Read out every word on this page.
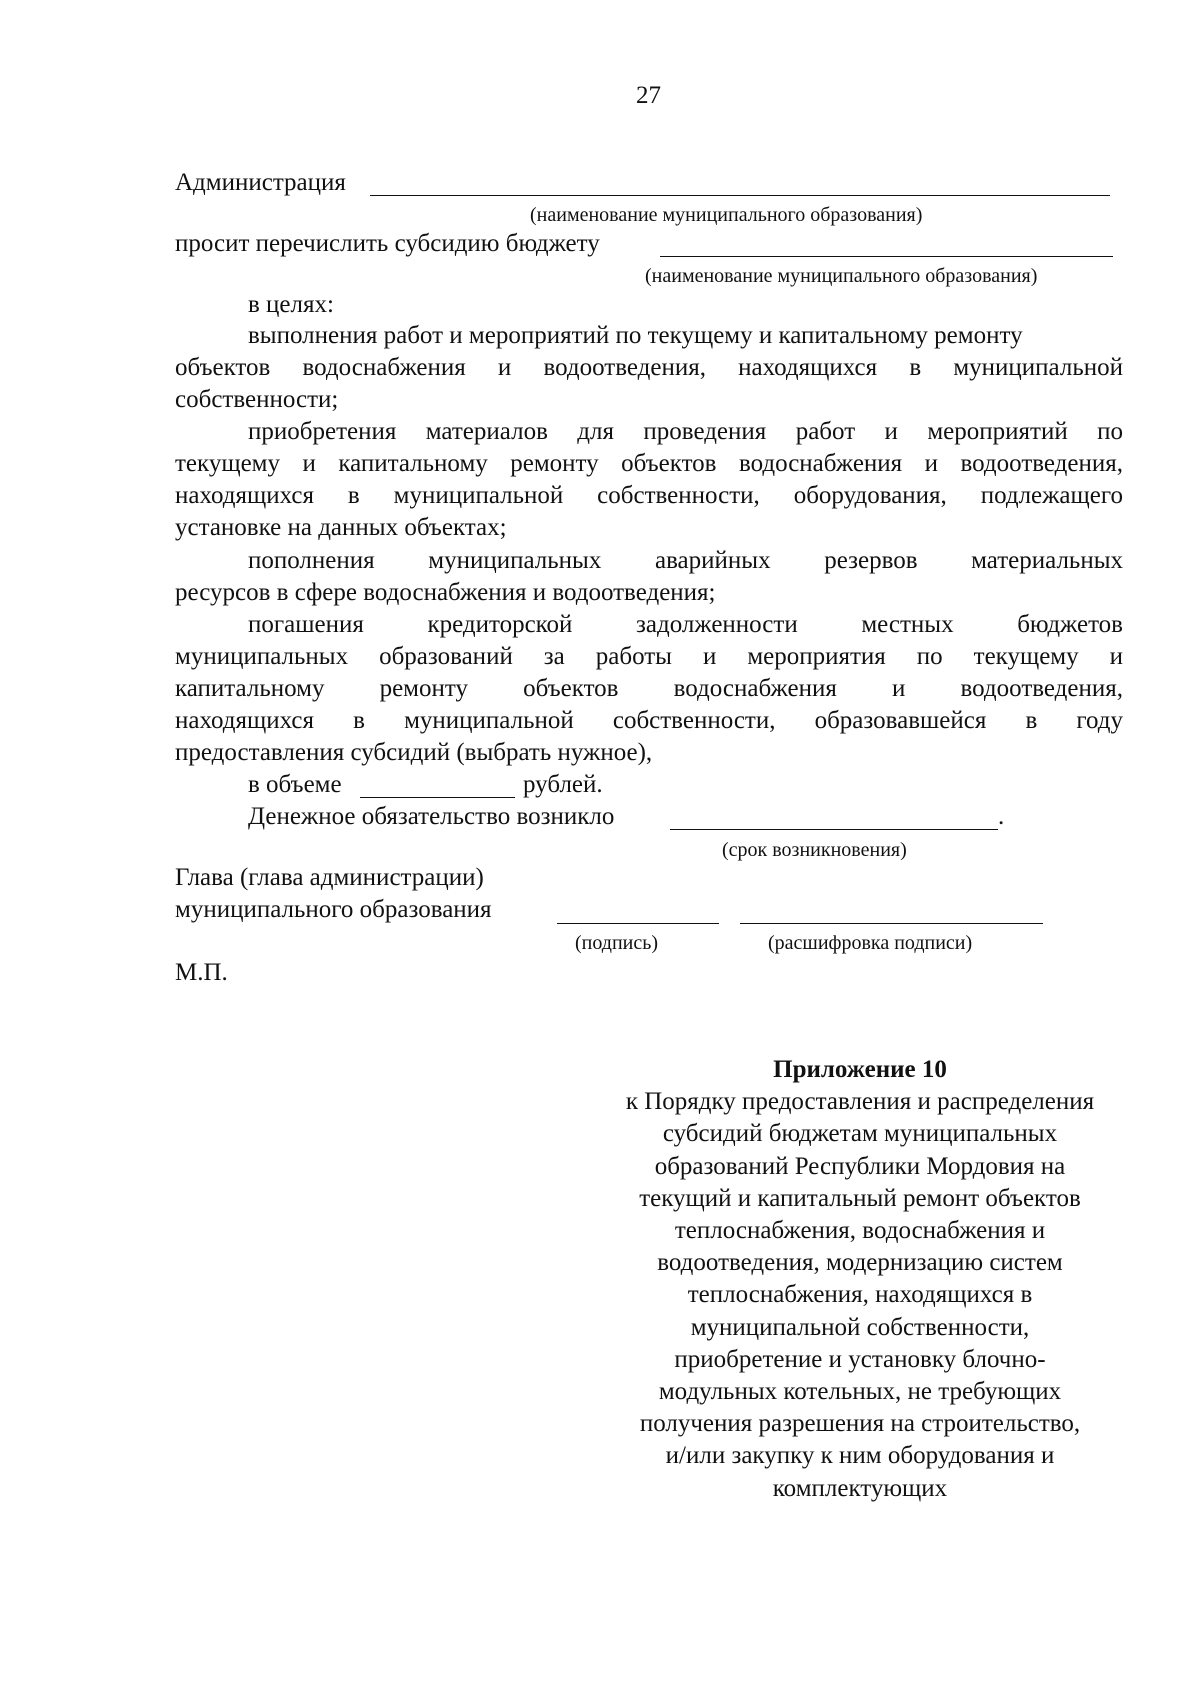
27
Администрация
(наименование муниципального образования)
просит перечислить субсидию бюджету
(наименование муниципального образования)
в целях:
выполнения работ и мероприятий по текущему и капитальному ремонту
объектов водоснабжения и водоотведения, находящихся в муниципальной
собственности;
приобретения материалов для проведения работ и мероприятий по
текущему и капитальному ремонту объектов водоснабжения и водоотведения,
находящихся в муниципальной собственности, оборудования, подлежащего
установке на данных объектах;
пополнения муниципальных аварийных резервов материальных
ресурсов в сфере водоснабжения и водоотведения;
погашения кредиторской задолженности местных бюджетов
муниципальных образований за работы и мероприятия по текущему и
капитальному ремонту объектов водоснабжения и водоотведения,
находящихся в муниципальной собственности, образовавшейся в году
предоставления субсидий (выбрать нужное),
в объеме	рублей.
Денежное обязательство возникло	.
(срок возникновения)
Глава (глава администрации)
муниципального образования
(подпись)	(расшифровка подписи)
М.П.
Приложение 10
к Порядку предоставления и распределения
субсидий бюджетам муниципальных
образований Республики Мордовия на
текущий и капитальный ремонт объектов
теплоснабжения, водоснабжения и
водоотведения, модернизацию систем
теплоснабжения, находящихся в
муниципальной собственности,
приобретение и установку блочно-
модульных котельных, не требующих
получения разрешения на строительство,
и/или закупку к ним оборудования и
комплектующих
